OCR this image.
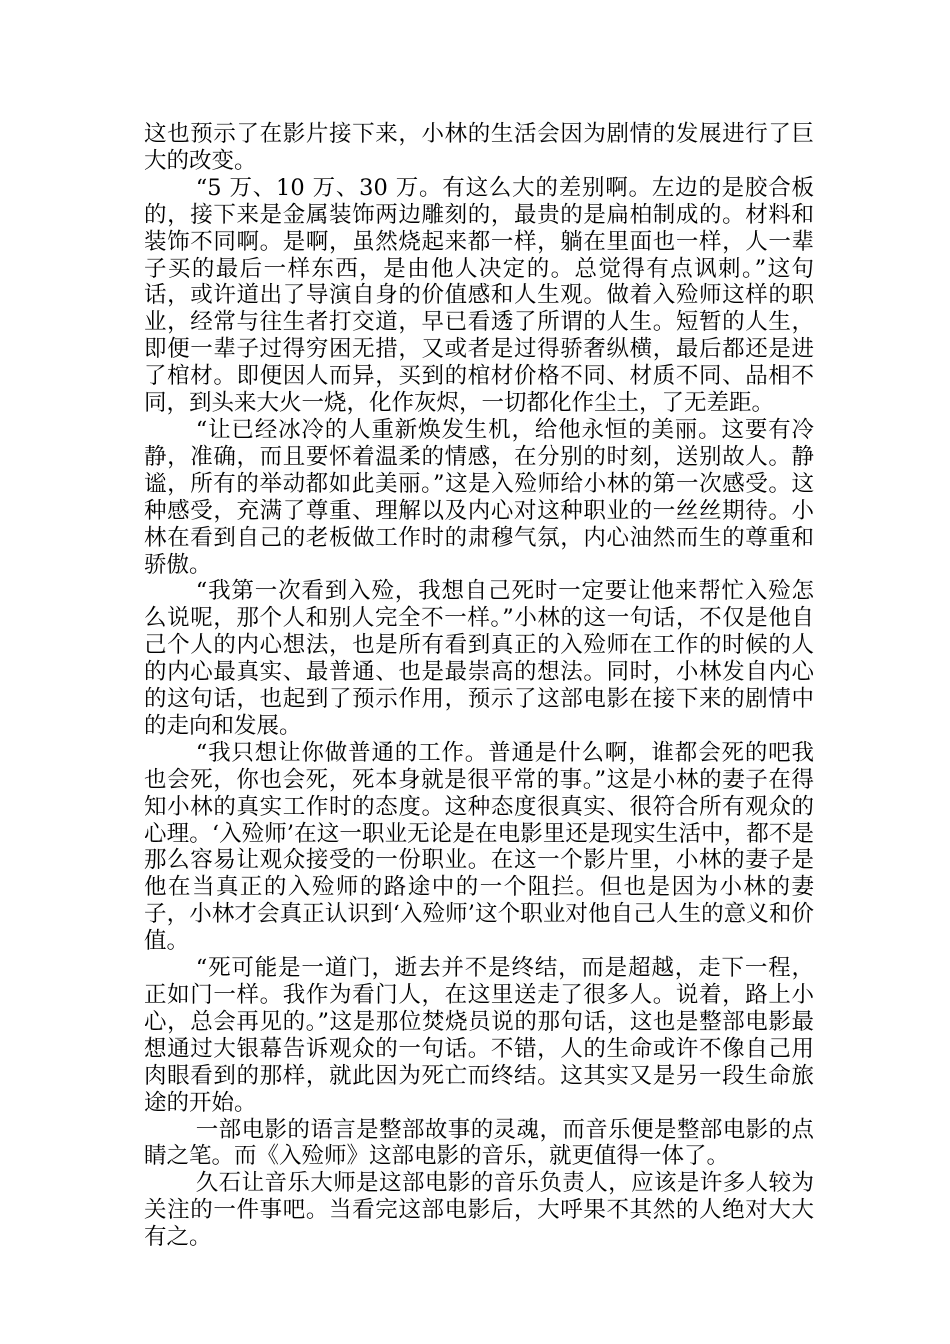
这也预示了在影片接下来，小林的生活会因为剧情的发展进行了巨大的改变。

“5 万、10 万、30 万。有这么大的差别啊。左边的是胶合板的，接下来是金属装饰两边雕刻的，最贵的是扁柏制成的。材料和装饰不同啊。是啊，虽然烧起来都一样，躺在里面也一样，人一辈子买的最后一样东西，是由他人决定的。总觉得有点讽刺。”这句话，或许道出了导演自身的价值感和人生观。做着入殓师这样的职业，经常与往生者打交道，早已看透了所谓的人生。短暂的人生，即便一辈子过得穷困无措，又或者是过得骄奢纵横，最后都还是进了棺材。即便因人而异，买到的棺材价格不同、材质不同、品相不同，到头来大火一烧，化作灰烬，一切都化作尘土，了无差距。

“让已经冰冷的人重新焕发生机，给他永恒的美丽。这要有冷静，准确，而且要怀着温柔的情感，在分别的时刻，送别故人。静谧，所有的举动都如此美丽。”这是入殓师给小林的第一次感受。这种感受，充满了尊重、理解以及内心对这种职业的一丝丝期待。小林在看到自己的老板做工作时的肃穆气氛，内心油然而生的尊重和骄傲。

“我第一次看到入殓，我想自己死时一定要让他来帮忙入殓怎么说呢，那个人和别人完全不一样。”小林的这一句话，不仅是他自己个人的内心想法，也是所有看到真正的入殓师在工作的时候的人的内心最真实、最普通、也是最崇高的想法。同时，小林发自内心的这句话，也起到了预示作用，预示了这部电影在接下来的剧情中的走向和发展。

“我只想让你做普通的工作。普通是什么啊，谁都会死的吧我也会死，你也会死，死本身就是很平常的事。”这是小林的妻子在得知小林的真实工作时的态度。这种态度很真实、很符合所有观众的心理。‘入殓师’在这一职业无论是在电影里还是现实生活中，都不是那么容易让观众接受的一份职业。在这一个影片里，小林的妻子是他在当真正的入殓师的路途中的一个阻拦。但也是因为小林的妻子，小林才会真正认识到‘入殓师’这个职业对他自己人生的意义和价值。

“死可能是一道门，逝去并不是终结，而是超越，走下一程，正如门一样。我作为看门人，在这里送走了很多人。说着，路上小心，总会再见的。”这是那位焚烧员说的那句话，这也是整部电影最想通过大银幕告诉观众的一句话。不错，人的生命或许不像自己用肉眼看到的那样，就此因为死亡而终结。这其实又是另一段生命旅途的开始。

一部电影的语言是整部故事的灵魂，而音乐便是整部电影的点睛之笔。而《入殓师》这部电影的音乐，就更值得一体了。

久石让音乐大师是这部电影的音乐负责人，应该是许多人较为关注的一件事吧。当看完这部电影后，大呼果不其然的人绝对大大有之。
